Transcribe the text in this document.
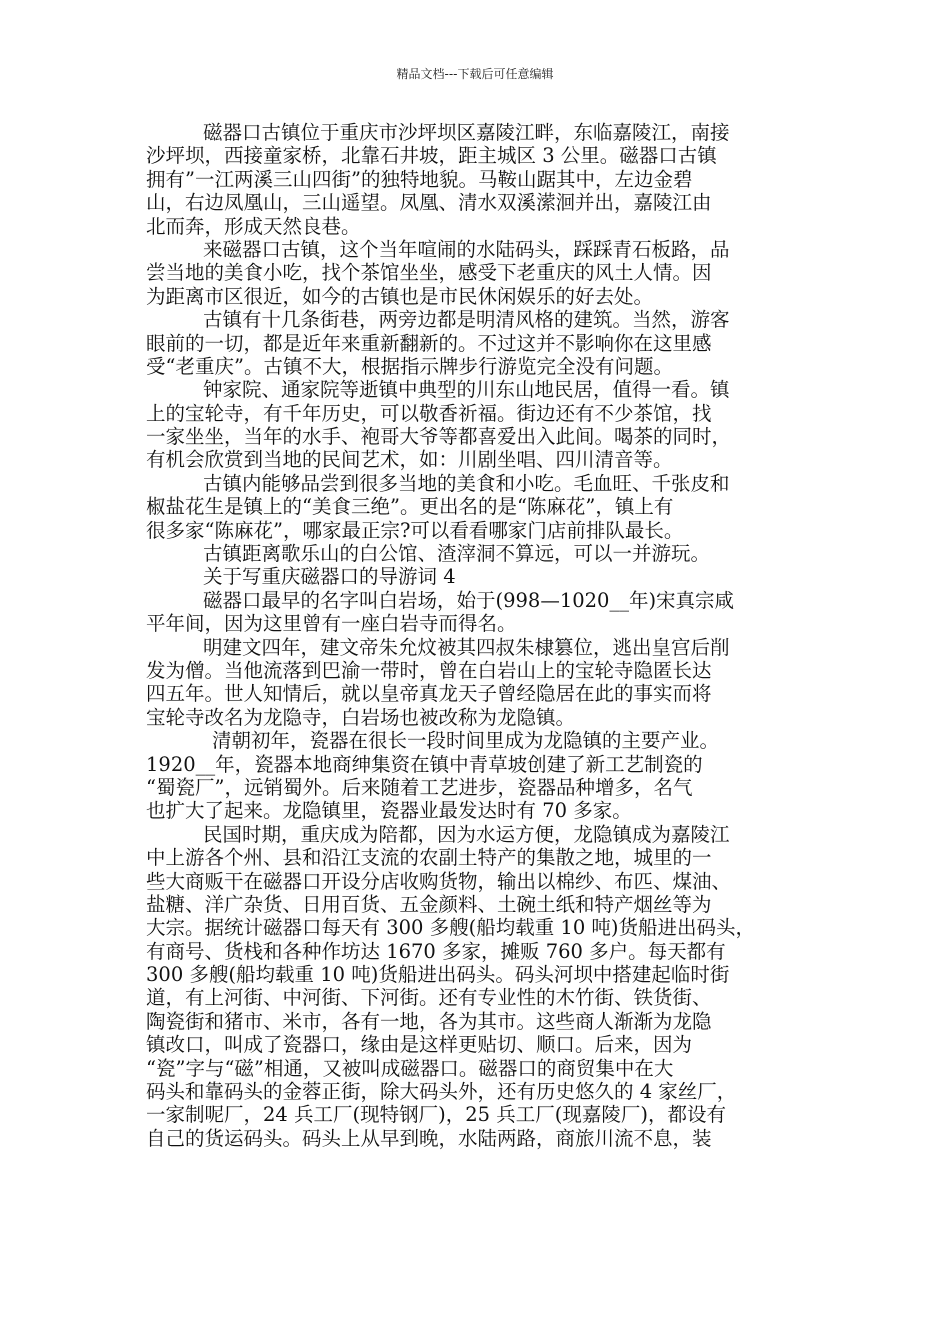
精品文档---下载后可任意编辑
磁器口古镇位于重庆市沙坪坝区嘉陵江畔，东临嘉陵江，南接
沙坪坝，西接童家桥，北靠石井坡，距主城区 3 公里。磁器口古镇
拥有”一江两溪三山四街”的独特地貌。马鞍山踞其中，左边金碧
山，右边凤凰山，三山遥望。凤凰、清水双溪潆洄并出，嘉陵江由
北而奔，形成天然良巷。
来磁器口古镇，这个当年喧闹的水陆码头，踩踩青石板路，品
尝当地的美食小吃，找个茶馆坐坐，感受下老重庆的风土人情。因
为距离市区很近，如今的古镇也是市民休闲娱乐的好去处。
古镇有十几条街巷，两旁边都是明清风格的建筑。当然，游客
眼前的一切，都是近年来重新翻新的。不过这并不影响你在这里感
受“老重庆”。古镇不大，根据指示牌步行游览完全没有问题。
钟家院、通家院等逝镇中典型的川东山地民居，值得一看。镇
上的宝轮寺，有千年历史，可以敬香祈福。街边还有不少茶馆，找
一家坐坐，当年的水手、袍哥大爷等都喜爱出入此间。喝茶的同时，
有机会欣赏到当地的民间艺术，如：川剧坐唱、四川清音等。
古镇内能够品尝到很多当地的美食和小吃。毛血旺、千张皮和
椒盐花生是镇上的“美食三绝”。更出名的是“陈麻花”，镇上有
很多家“陈麻花”，哪家最正宗?可以看看哪家门店前排队最长。
古镇距离歌乐山的白公馆、渣滓洞不算远，可以一并游玩。
关于写重庆磁器口的导游词 4
磁器口最早的名字叫白岩场，始于(998—1020__年)宋真宗咸
平年间，因为这里曾有一座白岩寺而得名。
明建文四年，建文帝朱允炆被其四叔朱棣篡位，逃出皇宫后削
发为僧。当他流落到巴渝一带时，曾在白岩山上的宝轮寺隐匿长达
四五年。世人知情后，就以皇帝真龙天子曾经隐居在此的事实而将
宝轮寺改名为龙隐寺，白岩场也被改称为龙隐镇。
清朝初年，瓷器在很长一段时间里成为龙隐镇的主要产业。
1920__年，瓷器本地商绅集资在镇中青草坡创建了新工艺制瓷的
“蜀瓷厂”，远销蜀外。后来随着工艺进步，瓷器品种增多，名气
也扩大了起来。龙隐镇里，瓷器业最发达时有 70 多家。
民国时期，重庆成为陪都，因为水运方便，龙隐镇成为嘉陵江
中上游各个州、县和沿江支流的农副土特产的集散之地，城里的一
些大商贩干在磁器口开设分店收购货物，输出以棉纱、布匹、煤油、
盐糖、洋广杂货、日用百货、五金颜料、土碗土纸和特产烟丝等为
大宗。据统计磁器口每天有 300 多艘(船均载重 10 吨)货船进出码头，
有商号、货栈和各种作坊达 1670 多家，摊贩 760 多户。每天都有
300 多艘(船均载重 10 吨)货船进出码头。码头河坝中搭建起临时街
道，有上河街、中河街、下河街。还有专业性的木竹街、铁货街、
陶瓷街和猪市、米市，各有一地，各为其市。这些商人渐渐为龙隐
镇改口，叫成了瓷器口，缘由是这样更贴切、顺口。后来，因为
“瓷”字与“磁”相通，又被叫成磁器口。磁器口的商贸集中在大
码头和靠码头的金蓉正街，除大码头外，还有历史悠久的 4 家丝厂，
一家制呢厂，24 兵工厂(现特钢厂)，25 兵工厂(现嘉陵厂)，都设有
自己的货运码头。码头上从早到晚，水陆两路，商旅川流不息，装
